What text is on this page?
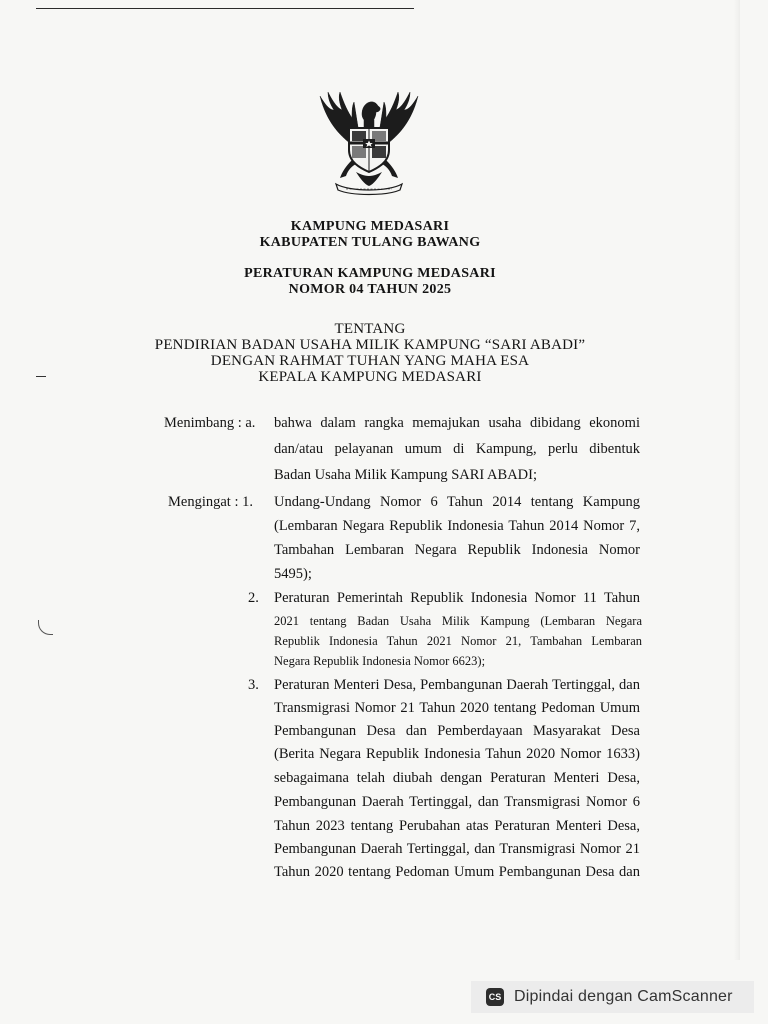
KAMPUNG MEDASARI
KABUPATEN TULANG BAWANG
PERATURAN KAMPUNG MEDASARI
NOMOR 04 TAHUN 2025
TENTANG
PENDIRIAN BADAN USAHA MILIK KAMPUNG “SARI ABADI”
DENGAN RAHMAT TUHAN YANG MAHA ESA
KEPALA KAMPUNG MEDASARI
Menimbang : a. bahwa dalam rangka memajukan usaha dibidang ekonomi
dan/atau pelayanan umum di Kampung, perlu dibentuk
Badan Usaha Milik Kampung SARI ABADI;
Mengingat : 1. Undang-Undang Nomor 6 Tahun 2014 tentang Kampung
(Lembaran Negara Republik Indonesia Tahun 2014 Nomor 7,
Tambahan Lembaran Negara Republik Indonesia Nomor
5495);
2. Peraturan Pemerintah Republik Indonesia Nomor 11 Tahun
2021 tentang Badan Usaha Milik Kampung (Lembaran Negara
Republik Indonesia Tahun 2021 Nomor 21, Tambahan Lembaran
Negara Republik Indonesia Nomor 6623);
3. Peraturan Menteri Desa, Pembangunan Daerah Tertinggal, dan
Transmigrasi Nomor 21 Tahun 2020 tentang Pedoman Umum
Pembangunan Desa dan Pemberdayaan Masyarakat Desa
(Berita Negara Republik Indonesia Tahun 2020 Nomor 1633)
sebagaimana telah diubah dengan Peraturan Menteri Desa,
Pembangunan Daerah Tertinggal, dan Transmigrasi Nomor 6
Tahun 2023 tentang Perubahan atas Peraturan Menteri Desa,
Pembangunan Daerah Tertinggal, dan Transmigrasi Nomor 21
Tahun 2020 tentang Pedoman Umum Pembangunan Desa dan
CS Dipindai dengan CamScanner
